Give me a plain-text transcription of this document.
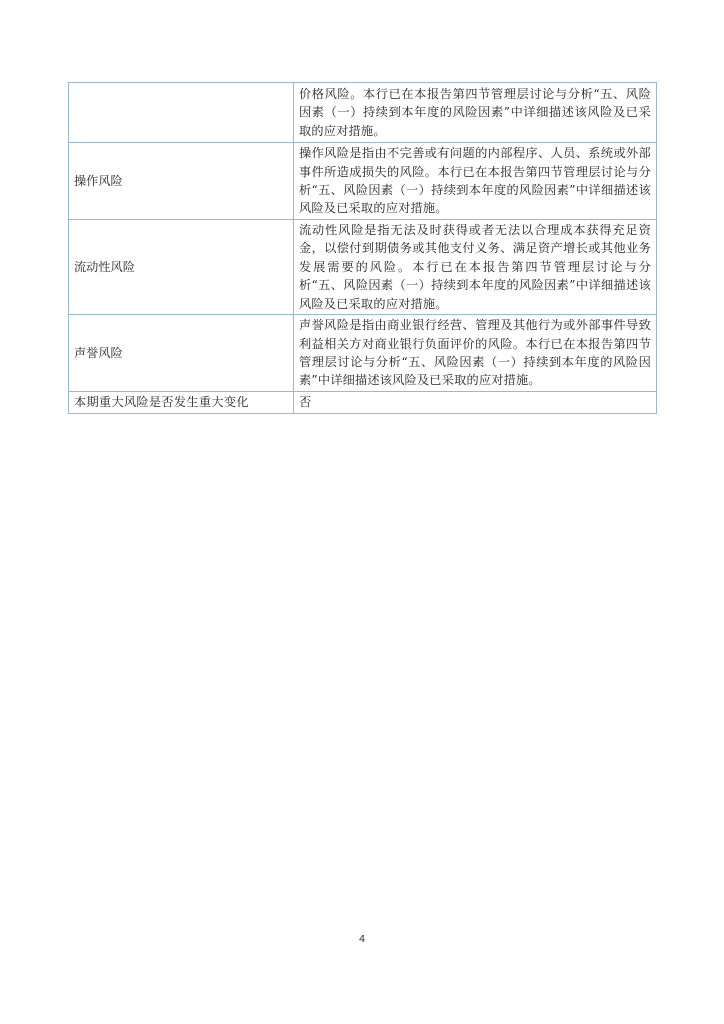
	价格风险。本行已在本报告第四节管理层讨论与分析“五、风险因素（一）持续到本年度的风险因素”中详细描述该风险及已采取的应对措施。
操作风险	操作风险是指由不完善或有问题的内部程序、人员、系统或外部事件所造成损失的风险。本行已在本报告第四节管理层讨论与分析“五、风险因素（一）持续到本年度的风险因素”中详细描述该风险及已采取的应对措施。
流动性风险	流动性风险是指无法及时获得或者无法以合理成本获得充足资金，以偿付到期债务或其他支付义务、满足资产增长或其他业务发展需要的风险。本行已在本报告第四节管理层讨论与分析“五、风险因素（一）持续到本年度的风险因素”中详细描述该风险及已采取的应对措施。
声誉风险	声誉风险是指由商业银行经营、管理及其他行为或外部事件导致利益相关方对商业银行负面评价的风险。本行已在本报告第四节管理层讨论与分析“五、风险因素（一）持续到本年度的风险因素”中详细描述该风险及已采取的应对措施。
本期重大风险是否发生重大变化	否
4
